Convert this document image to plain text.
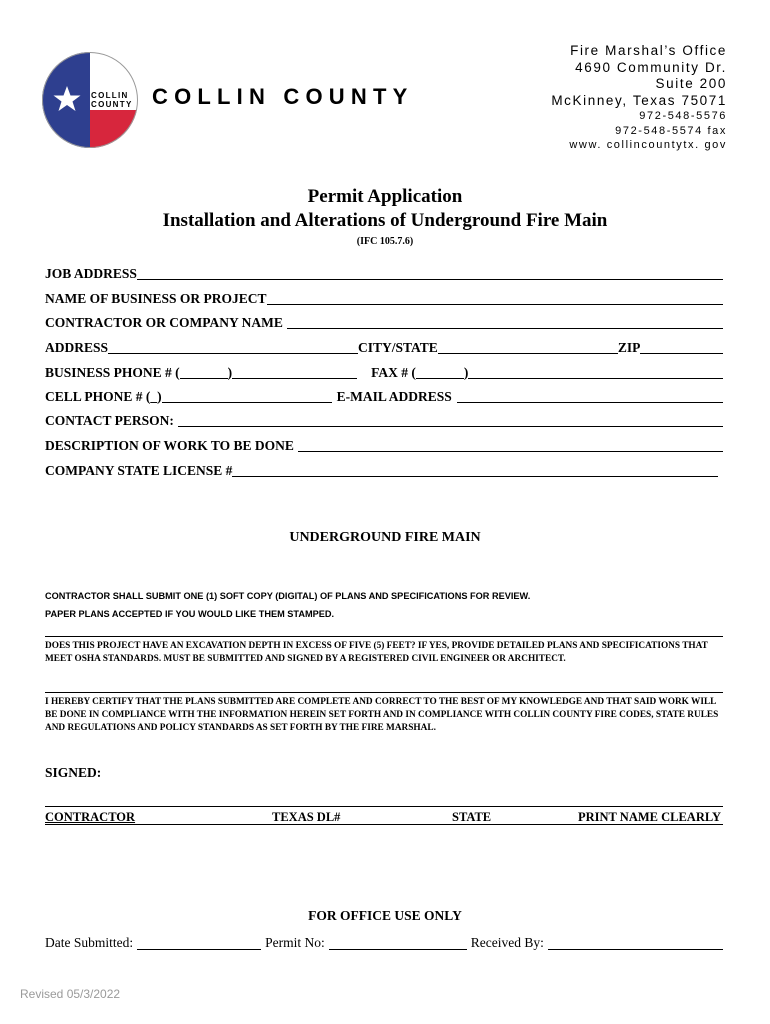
COLLIN
COUNTY COLLIN COUNTY
Fire Marshal’s Office
4690 Community Dr.
Suite 200
McKinney, Texas 75071
972-548-5576
972-548-5574 fax
www. collincountytx. gov
Permit Application
Installation and Alterations of Underground Fire Main
(IFC 105.7.6)
JOB ADDRESS
NAME OF BUSINESS OR PROJECT
CONTRACTOR OR COMPANY NAME
ADDRESS	CITY/STATE	ZIP
BUSINESS PHONE # (	)	FAX # (	)
CELL PHONE # (_)	E-MAIL ADDRESS
CONTACT PERSON:
DESCRIPTION OF WORK TO BE DONE
COMPANY STATE LICENSE #
UNDERGROUND FIRE MAIN
CONTRACTOR SHALL SUBMIT ONE (1) SOFT COPY (DIGITAL) OF PLANS AND SPECIFICATIONS FOR REVIEW.
PAPER PLANS ACCEPTED IF YOU WOULD LIKE THEM STAMPED.
DOES THIS PROJECT HAVE AN EXCAVATION DEPTH IN EXCESS OF FIVE (5) FEET? IF YES, PROVIDE DETAILED PLANS AND SPECIFICATIONS THAT MEET OSHA STANDARDS. MUST BE SUBMITTED AND SIGNED BY A REGISTERED CIVIL ENGINEER OR ARCHITECT.
I HEREBY CERTIFY THAT THE PLANS SUBMITTED ARE COMPLETE AND CORRECT TO THE BEST OF MY KNOWLEDGE AND THAT SAID WORK WILL BE DONE IN COMPLIANCE WITH THE INFORMATION HEREIN SET FORTH AND IN COMPLIANCE WITH COLLIN COUNTY FIRE CODES, STATE RULES AND REGULATIONS AND POLICY STANDARDS AS SET FORTH BY THE FIRE MARSHAL.
SIGNED:
CONTRACTOR	TEXAS DL#	STATE	PRINT NAME CLEARLY
FOR OFFICE USE ONLY
Date Submitted:	Permit No:	Received By:
Revised 05/3/2022
